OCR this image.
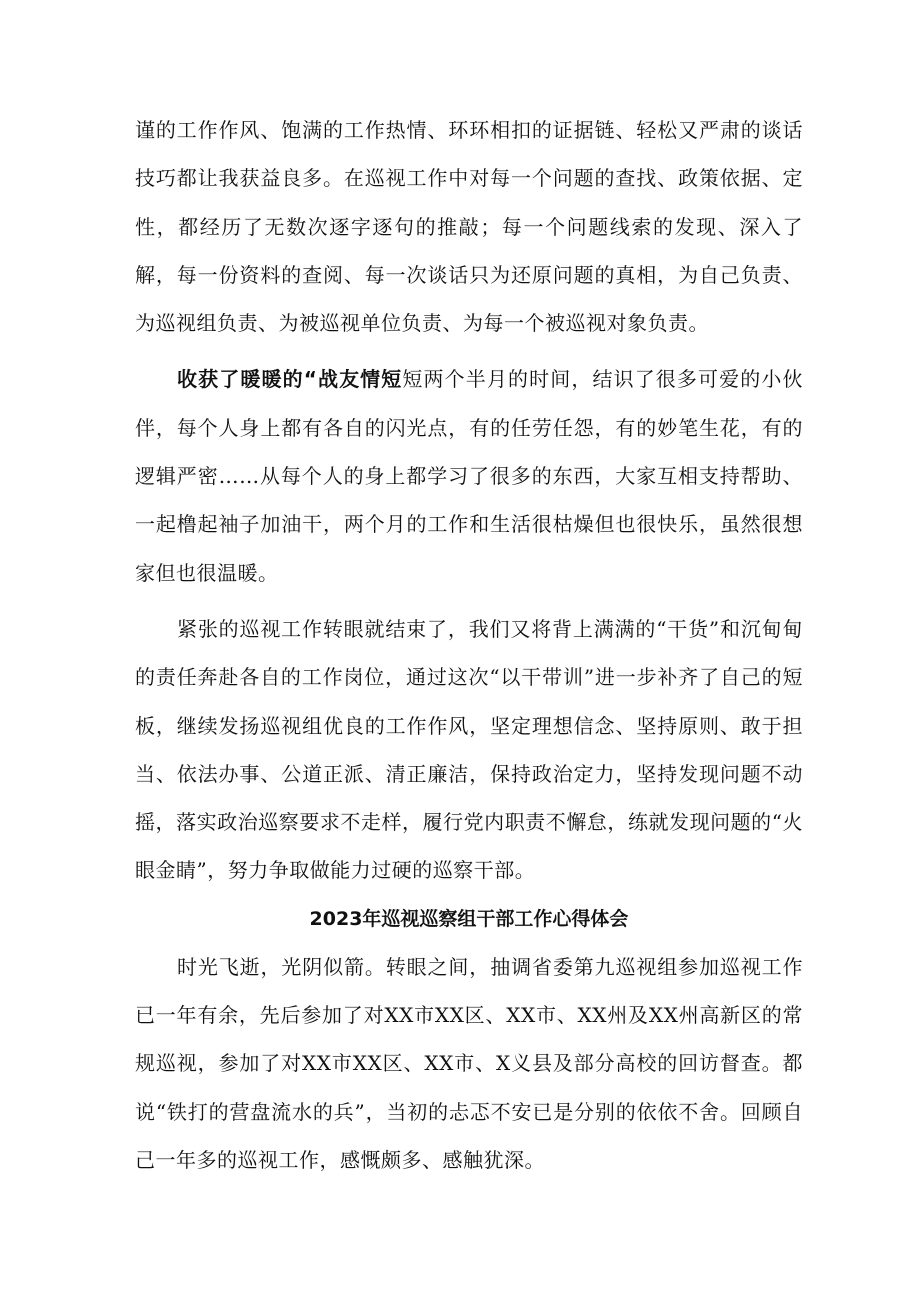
谨的工作作风、饱满的工作热情、环环相扣的证据链、轻松又严肃的谈话技巧都让我获益良多。在巡视工作中对每一个问题的查找、政策依据、定性，都经历了无数次逐字逐句的推敲；每一个问题线索的发现、深入了解，每一份资料的查阅、每一次谈话只为还原问题的真相，为自己负责、为巡视组负责、为被巡视单位负责、为每一个被巡视对象负责。

收获了暖暖的“战友情短短两个半月的时间，结识了很多可爱的小伙伴，每个人身上都有各自的闪光点，有的任劳任怨，有的妙笔生花，有的逻辑严密……从每个人的身上都学习了很多的东西，大家互相支持帮助、一起橹起袖子加油干，两个月的工作和生活很枯燥但也很快乐，虽然很想家但也很温暖。

紧张的巡视工作转眼就结束了，我们又将背上满满的“干货”和沉甸甸的责任奔赴各自的工作岗位，通过这次“以干带训”进一步补齐了自己的短板，继续发扬巡视组优良的工作作风，坚定理想信念、坚持原则、敢于担当、依法办事、公道正派、清正廉洁，保持政治定力，坚持发现问题不动摇，落实政治巡察要求不走样，履行党内职责不懈怠，练就发现问题的“火眼金睛”，努力争取做能力过硬的巡察干部。

2023年巡视巡察组干部工作心得体会

时光飞逝，光阴似箭。转眼之间，抽调省委第九巡视组参加巡视工作已一年有余，先后参加了对XX市XX区、XX市、XX州及XX州高新区的常规巡视，参加了对XX市XX区、XX市、X义县及部分高校的回访督查。都说“铁打的营盘流水的兵”，当初的忐忑不安已是分别的依依不舍。回顾自己一年多的巡视工作，感慨颇多、感触犹深。
